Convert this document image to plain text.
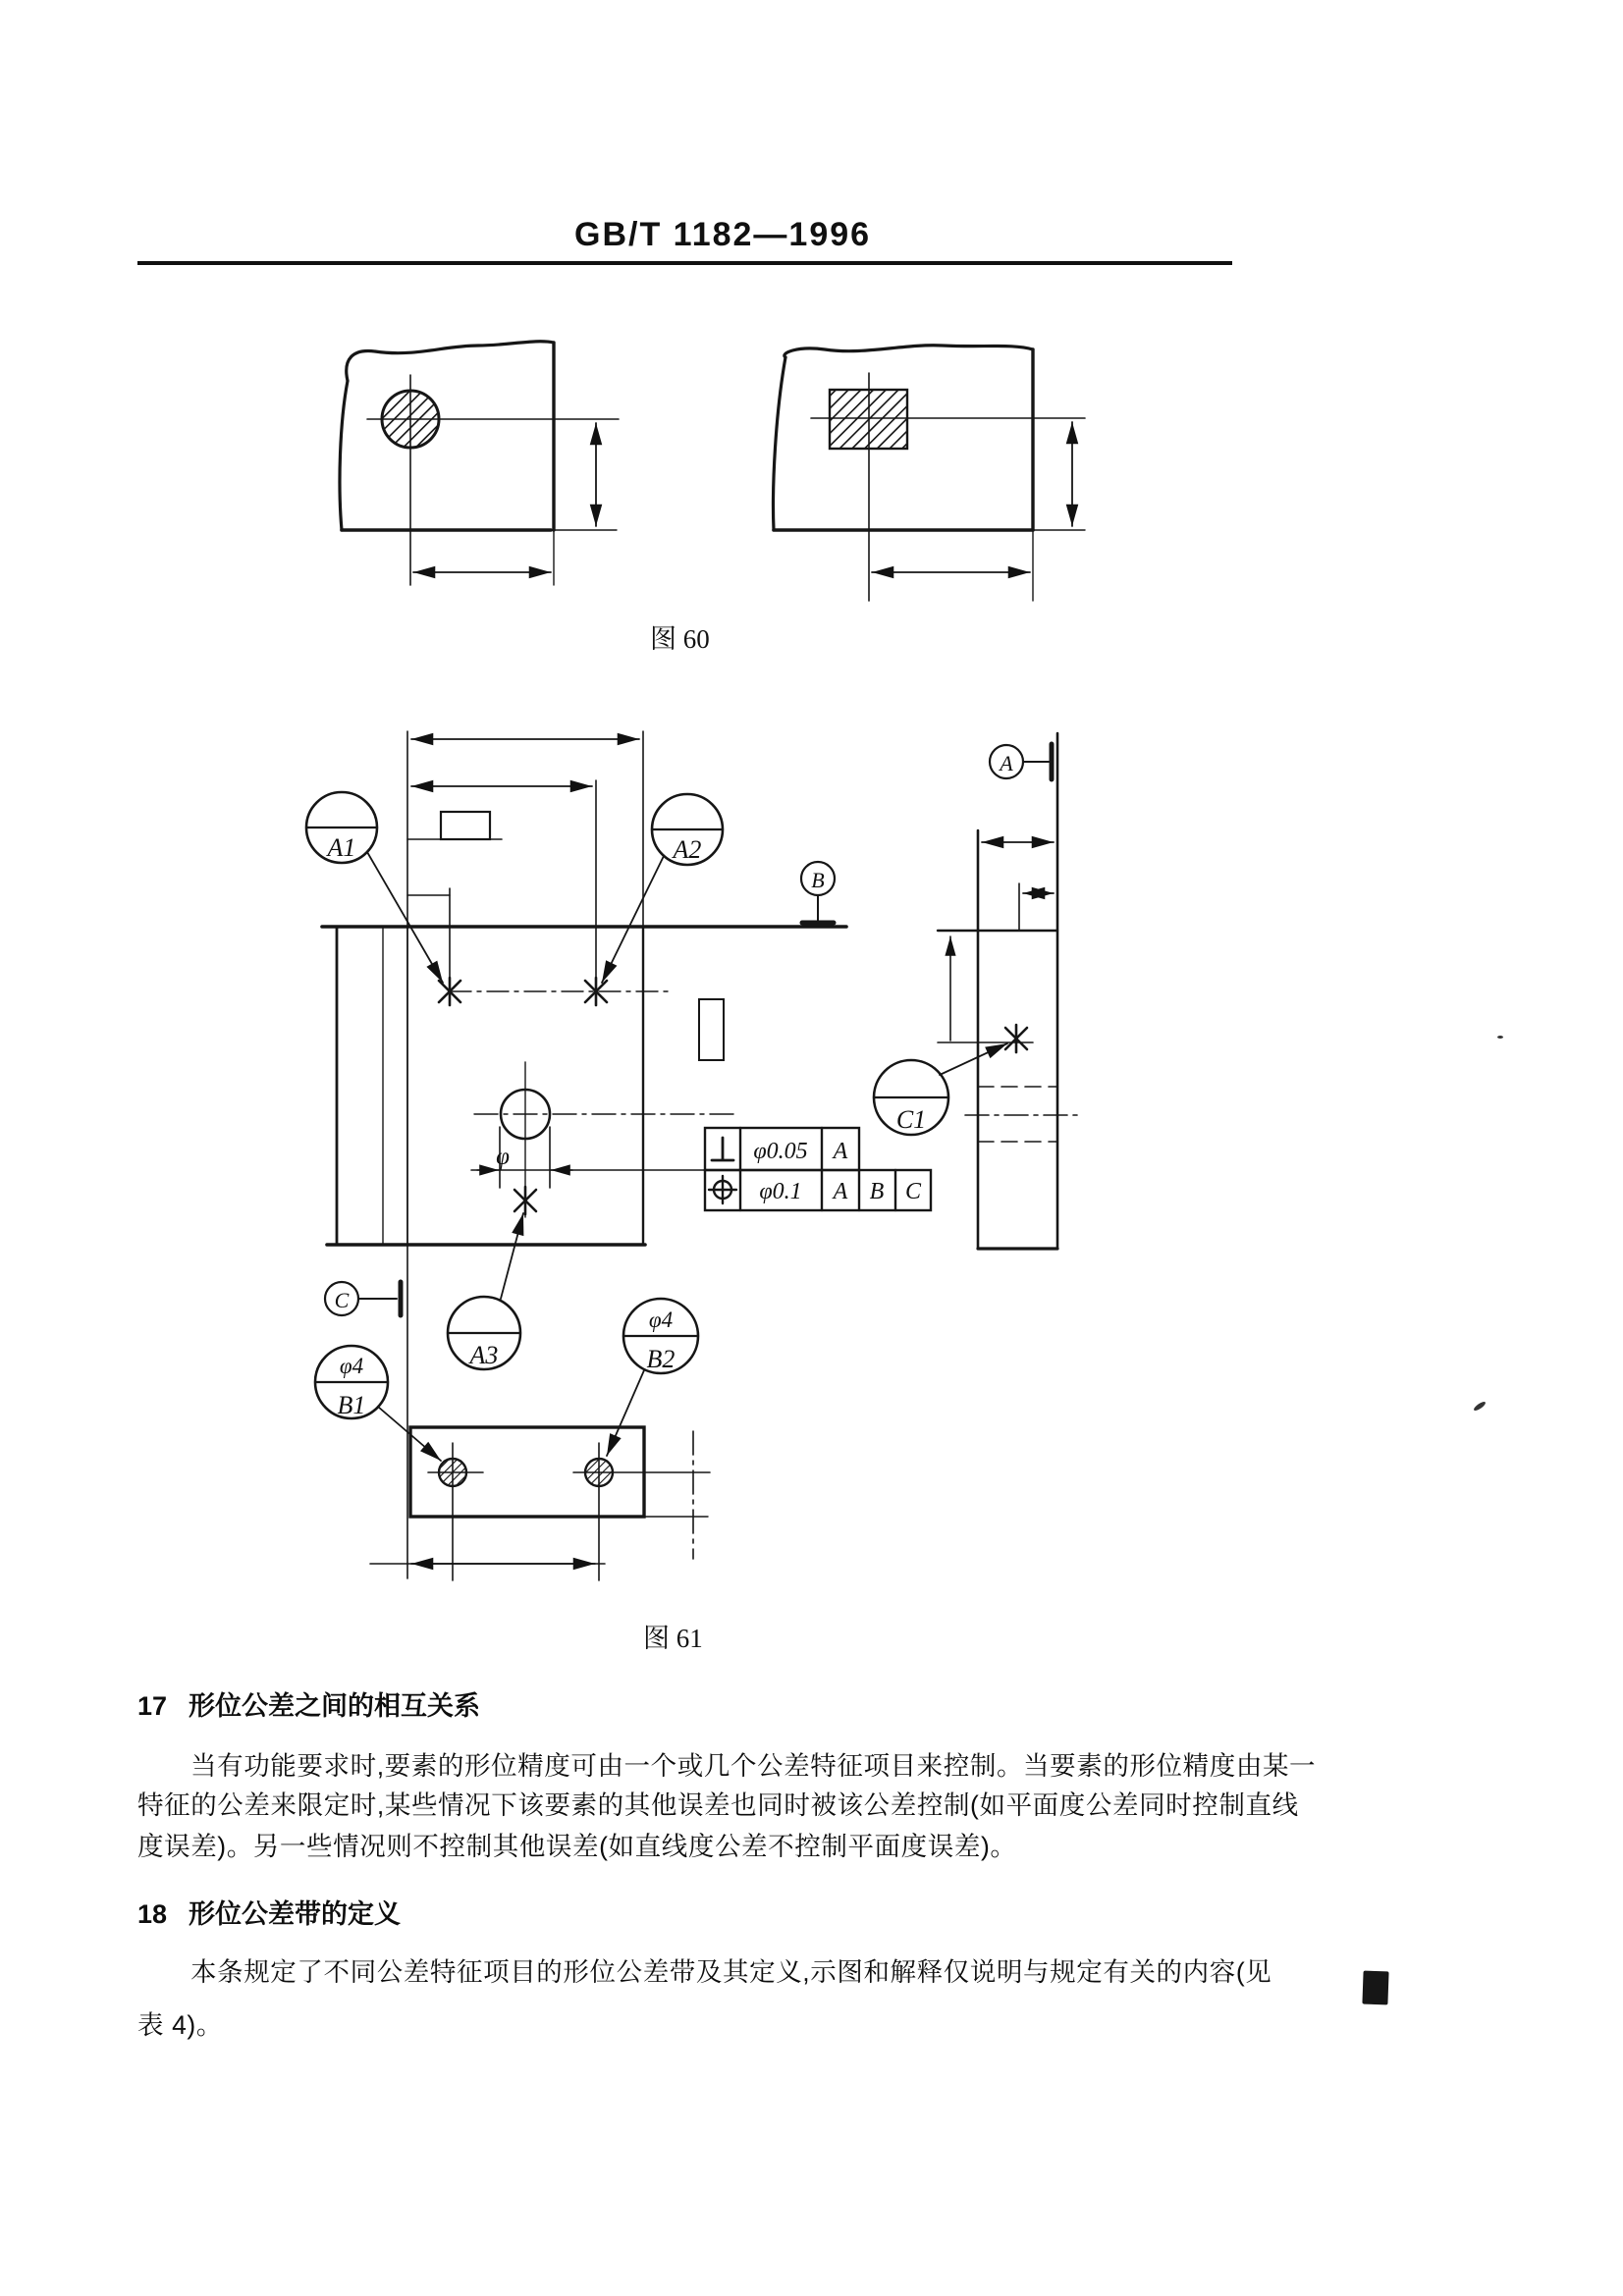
GB/T 1182—1996
图 60
A1	A2
B
A
C1
φ	φ0.05 A
φ0.1 A B C
C
A3
φ4
B2
φ4
B1
图 61
17 形位公差之间的相互关系
当有功能要求时,要素的形位精度可由一个或几个公差特征项目来控制。当要素的形位精度由某一
特征的公差来限定时,某些情况下该要素的其他误差也同时被该公差控制(如平面度公差同时控制直线
度误差)。另一些情况则不控制其他误差(如直线度公差不控制平面度误差)。
18 形位公差带的定义
本条规定了不同公差特征项目的形位公差带及其定义,示图和解释仅说明与规定有关的内容(见
表 4)。
